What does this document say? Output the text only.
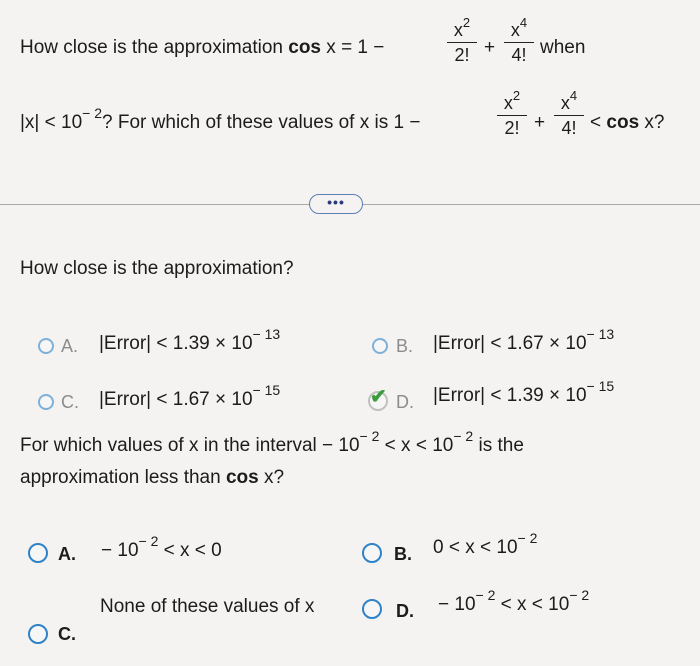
How close is the approximation cos x = 1 −
$x^2$
2! +
$x^4$
4! when
$|x| < 10^{- 2}$? For which of these values of x is 1 −
$x^2$
2! +
$x^4$
4! < cos x?
•••
How close is the approximation?
A. |Error| < $1.39 \times 10^{- 13}$
B. |Error| < $1.67 \times 10^{- 13}$
C. |Error| < $1.67 \times 10^{- 15}$	✔ D. |Error| < $1.39 \times 10^{- 15}$
For which values of x in the interval − $10^{- 2} < x < 10^{- 2}$ is the
approximation less than cos x?
A. − $10^{- 2} < x < 0$	B. $0 < x < 10^{- 2}$
None of these values of x
C.
D. − $10^{- 2} < x < 10^{- 2}$
